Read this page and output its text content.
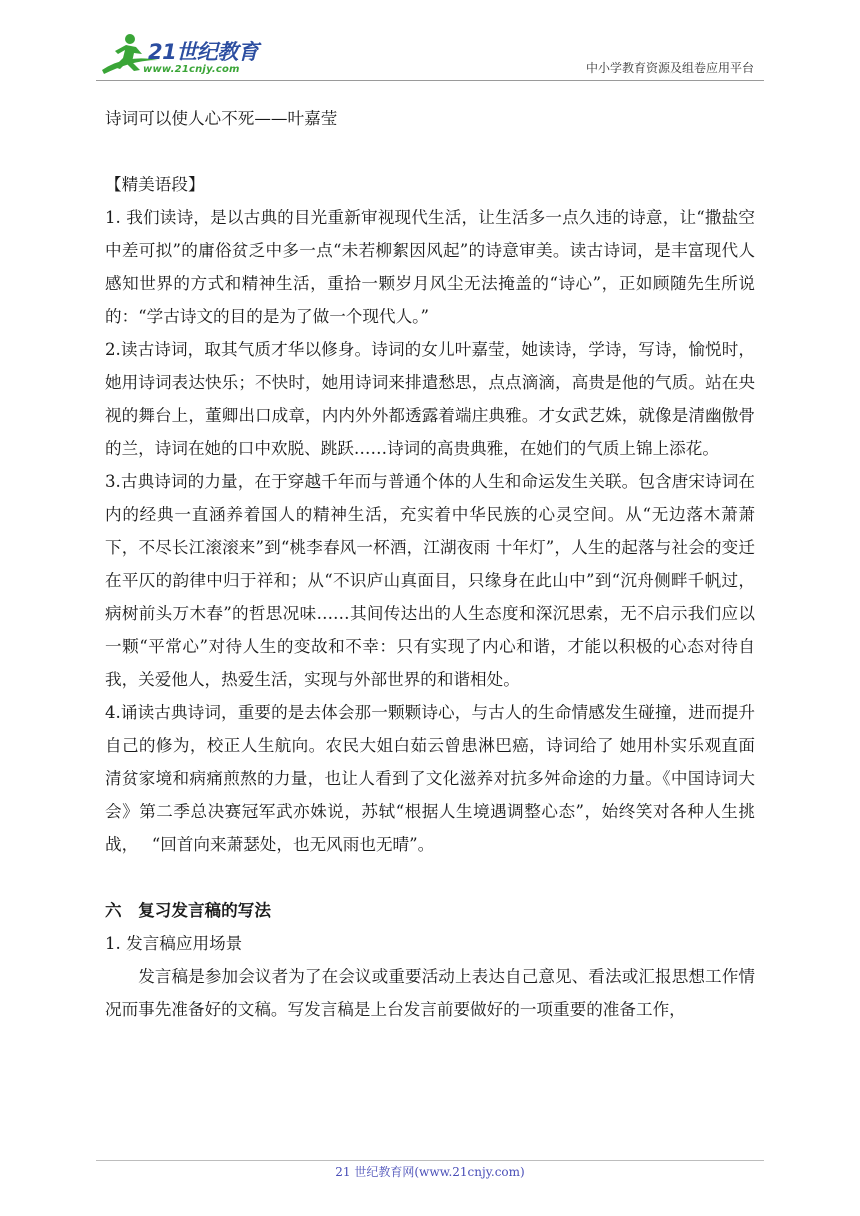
21世纪教育
www.21cnjy.com	中小学教育资源及组卷应用平台

诗词可以使人心不死——叶嘉莹

【精美语段】

1. 我们读诗，是以古典的目光重新审视现代生活，让生活多一点久违的诗意，让“撒盐空中差可拟”的庸俗贫乏中多一点“未若柳絮因风起”的诗意审美。读古诗词，是丰富现代人感知世界的方式和精神生活，重拾一颗岁月风尘无法掩盖的“诗心”，正如顾随先生所说的：“学古诗文的目的是为了做一个现代人。”

2.读古诗词，取其气质才华以修身。诗词的女儿叶嘉莹，她读诗，学诗，写诗，愉悦时，她用诗词表达快乐；不快时，她用诗词来排遣愁思，点点滴滴，高贵是他的气质。站在央视的舞台上，董卿出口成章，内内外外都透露着端庄典雅。才女武艺姝，就像是清幽傲骨的兰，诗词在她的口中欢脱、跳跃……诗词的高贵典雅，在她们的气质上锦上添花。

3.古典诗词的力量，在于穿越千年而与普通个体的人生和命运发生关联。包含唐宋诗词在内的经典一直涵养着国人的精神生活，充实着中华民族的心灵空间。从“无边落木萧萧下，不尽长江滚滚来”到“桃李春风一杯酒，江湖夜雨 十年灯”，人生的起落与社会的变迁在平仄的韵律中归于祥和；从“不识庐山真面目，只缘身在此山中”到“沉舟侧畔千帆过，病树前头万木春”的哲思况味……其间传达出的人生态度和深沉思索，无不启示我们应以一颗“平常心”对待人生的变故和不幸：只有实现了内心和谐，才能以积极的心态对待自我，关爱他人，热爱生活，实现与外部世界的和谐相处。

4.诵读古典诗词，重要的是去体会那一颗颗诗心，与古人的生命情感发生碰撞，进而提升自己的修为，校正人生航向。农民大姐白茹云曾患淋巴癌，诗词给了 她用朴实乐观直面清贫家境和病痛煎熬的力量，也让人看到了文化滋养对抗多舛命途的力量。《中国诗词大会》第二季总决赛冠军武亦姝说，苏轼“根据人生境遇调整心态”，始终笑对各种人生挑战，　 “回首向来萧瑟处，也无风雨也无晴”。

六　复习发言稿的写法

1. 发言稿应用场景

发言稿是参加会议者为了在会议或重要活动上表达自己意见、看法或汇报思想工作情况而事先准备好的文稿。写发言稿是上台发言前要做好的一项重要的准备工作，

21 世纪教育网(www.21cnjy.com)
